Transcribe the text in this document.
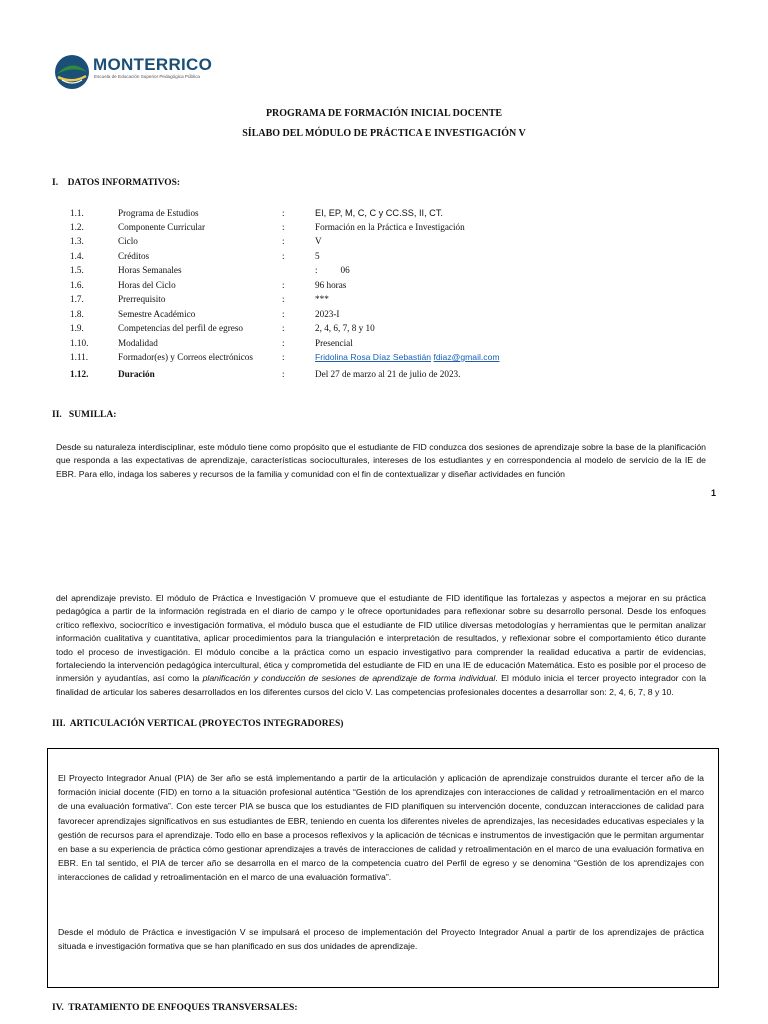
MONTERRICO
Escuela de Educación Superior Pedagógica Pública
PROGRAMA DE FORMACIÓN INICIAL DOCENTE
SÍLABO DEL MÓDULO DE PRÁCTICA E INVESTIGACIÓN V
I.    DATOS INFORMATIVOS:
1.1.	Programa de Estudios	:	EI, EP, M, C, C y CC.SS, II, CT.
1.2.	Componente Curricular	:	Formación en la Práctica e Investigación
1.3.	Ciclo	:	V
1.4.	Créditos	:	5
1.5.	Horas Semanales	:          06
1.6.	Horas del Ciclo	:	96 horas
1.7.	Prerrequisito	:	***
1.8.	Semestre Académico	:	2023-I
1.9.	Competencias del perfil de egreso	:	2, 4, 6, 7, 8 y 10
1.10.	Modalidad	:	Presencial
1.11.	Formador(es) y Correos electrónicos	:	Fridolina Rosa Díaz Sebastián fdiaz@gmail.com
1.12.	Duración	:	Del 27 de marzo al 21 de julio de 2023.
II.   SUMILLA:
Desde su naturaleza interdisciplinar, este módulo tiene como propósito que el estudiante de FID conduzca dos sesiones de aprendizaje sobre la base de la planificación que responda a las expectativas de aprendizaje, características socioculturales, intereses de los estudiantes y en correspondencia al modelo de servicio de la IE de EBR. Para ello, indaga los saberes y recursos de la familia y comunidad con el fin de contextualizar y diseñar actividades en función
1
del aprendizaje previsto. El módulo de Práctica e Investigación V promueve que el estudiante de FID identifique las fortalezas y aspectos a mejorar en su práctica pedagógica a partir de la información registrada en el diario de campo y le ofrece oportunidades para reflexionar sobre su desarrollo personal. Desde los enfoques crítico reflexivo, sociocrítico e investigación formativa, el módulo busca que el estudiante de FID utilice diversas metodologías y herramientas que le permitan analizar información cualitativa y cuantitativa, aplicar procedimientos para la triangulación e interpretación de resultados, y reflexionar sobre el comportamiento ético durante todo el proceso de investigación. El módulo concibe a la práctica como un espacio investigativo para comprender la realidad educativa a partir de evidencias, fortaleciendo la intervención pedagógica intercultural, ética y comprometida del estudiante de FID en una IE de educación Matemática. Esto es posible por el proceso de inmersión y ayudantías, así como la planificación y conducción de sesiones de aprendizaje de forma individual. El módulo inicia el tercer proyecto integrador con la finalidad de articular los saberes desarrollados en los diferentes cursos del ciclo V. Las competencias profesionales docentes a desarrollar son: 2, 4, 6, 7, 8 y 10.
III.  ARTICULACIÓN VERTICAL (PROYECTOS INTEGRADORES)
El Proyecto Integrador Anual (PIA) de 3er año se está implementando a partir de la articulación y aplicación de aprendizaje construidos durante el tercer año de la formación inicial docente (FID) en torno a la situación profesional auténtica “Gestión de los aprendizajes con interacciones de calidad y retroalimentación en el marco de una evaluación formativa”. Con este tercer PIA se busca que los estudiantes de FID planifiquen su intervención docente, conduzcan interacciones de calidad para favorecer aprendizajes significativos en sus estudiantes de EBR, teniendo en cuenta los diferentes niveles de aprendizajes, las necesidades educativas especiales y la gestión de recursos para el aprendizaje. Todo ello en base a procesos reflexivos y la aplicación de técnicas e instrumentos de investigación que le permitan argumentar en base a su experiencia de práctica cómo gestionar aprendizajes a través de interacciones de calidad y retroalimentación en el marco de una evaluación formativa en EBR. En tal sentido, el PIA de tercer año se desarrolla en el marco de la competencia cuatro del Perfil de egreso y se denomina “Gestión de los aprendizajes con interacciones de calidad y retroalimentación en el marco de una evaluación formativa”.
Desde el módulo de Práctica e investigación V se impulsará el proceso de implementación del Proyecto Integrador Anual a partir de los aprendizajes de práctica situada e investigación formativa que se han planificado en sus dos unidades de aprendizaje.
IV.  TRATAMIENTO DE ENFOQUES TRANSVERSALES:
